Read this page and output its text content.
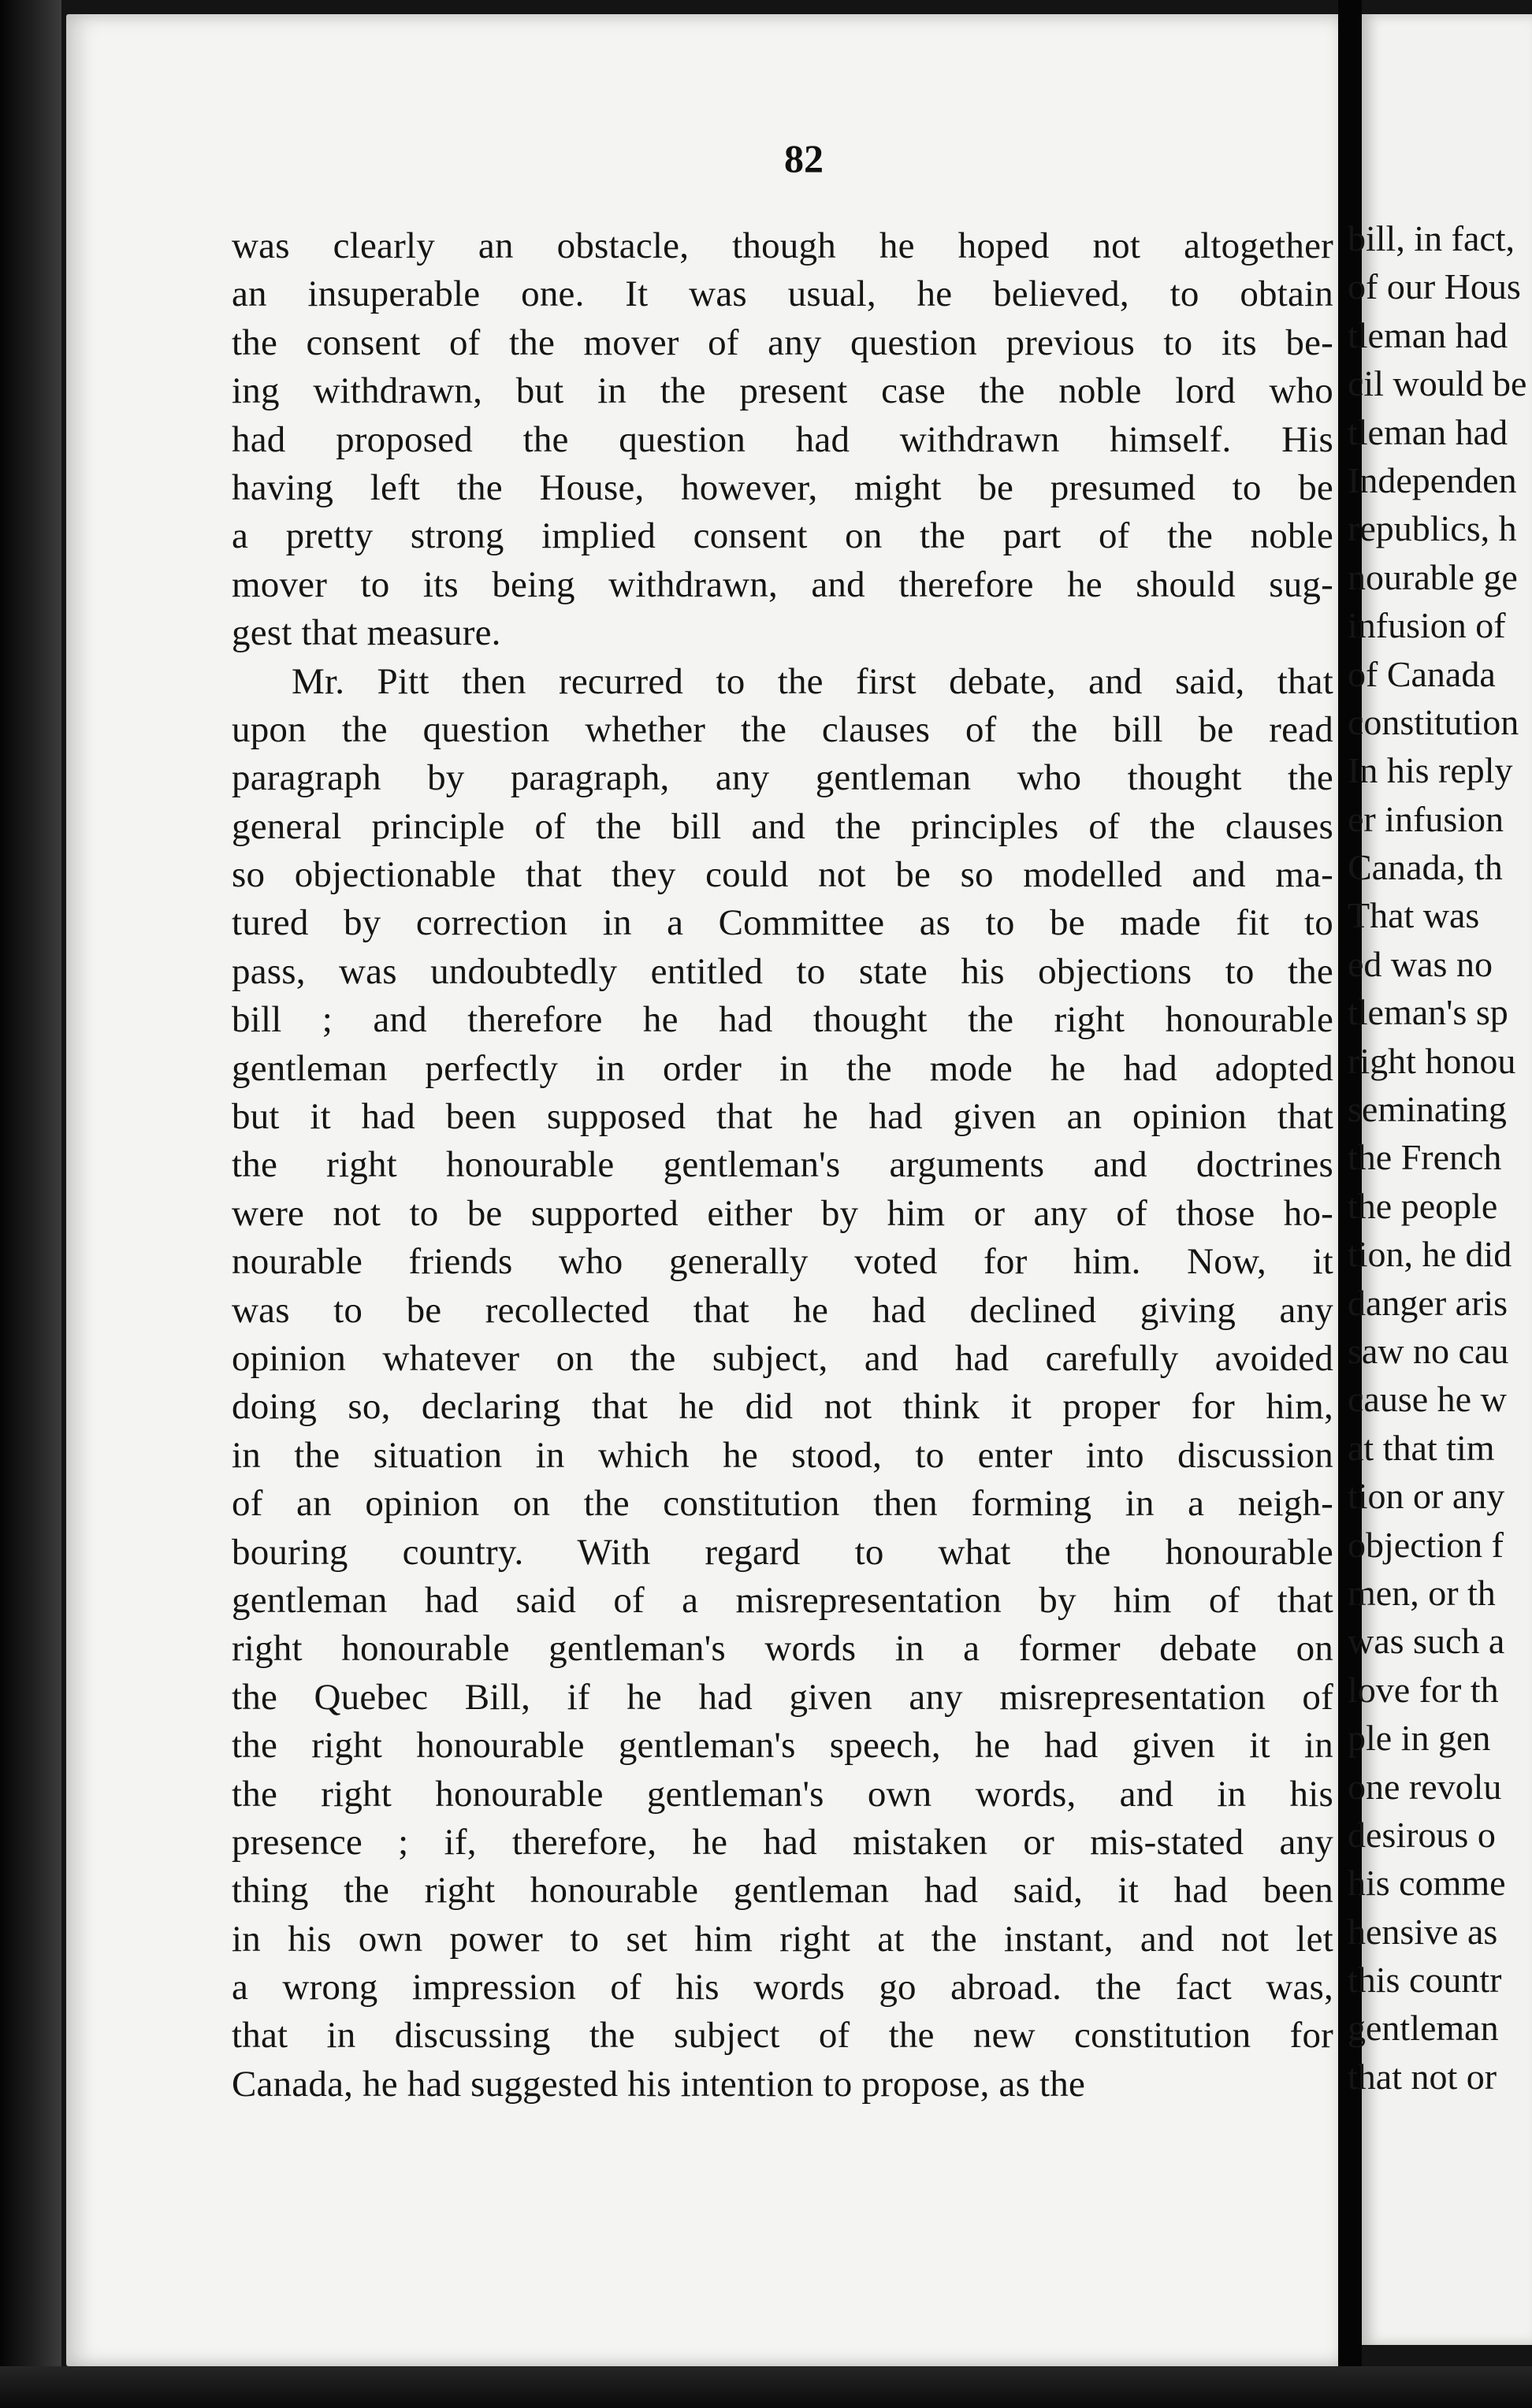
82
was clearly an obstacle, though he hoped not altogether
an insuperable one. It was usual, he believed, to obtain
the consent of the mover of any question previous to its be-
ing withdrawn, but in the present case the noble lord who
had proposed the question had withdrawn himself. His
having left the House, however, might be presumed to be
a pretty strong implied consent on the part of the noble
mover to its being withdrawn, and therefore he should sug-
gest that measure.
Mr. Pitt then recurred to the first debate, and said, that
upon the question whether the clauses of the bill be read
paragraph by paragraph, any gentleman who thought the
general principle of the bill and the principles of the clauses
so objectionable that they could not be so modelled and ma-
tured by correction in a Committee as to be made fit to
pass, was undoubtedly entitled to state his objections to the
bill ; and therefore he had thought the right honourable
gentleman perfectly in order in the mode he had adopted
but it had been supposed that he had given an opinion that
the right honourable gentleman's arguments and doctrines
were not to be supported either by him or any of those ho-
nourable friends who generally voted for him. Now, it
was to be recollected that he had declined giving any
opinion whatever on the subject, and had carefully avoided
doing so, declaring that he did not think it proper for him,
in the situation in which he stood, to enter into discussion
of an opinion on the constitution then forming in a neigh-
bouring country. With regard to what the honourable
gentleman had said of a misrepresentation by him of that
right honourable gentleman's words in a former debate on
the Quebec Bill, if he had given any misrepresentation of
the right honourable gentleman's speech, he had given it in
the right honourable gentleman's own words, and in his
presence ; if, therefore, he had mistaken or mis-stated any
thing the right honourable gentleman had said, it had been
in his own power to set him right at the instant, and not let
a wrong impression of his words go abroad. the fact was,
that in discussing the subject of the new constitution for
Canada, he had suggested his intention to propose, as the
bill, in fact,
of our Hous
tleman had
cil would be
tleman had
Independen
republics, h
nourable ge
infusion of
of Canada
constitution
In his reply
er infusion
Canada, th
That was
ed was no
tleman's sp
right honou
seminating
the French
the people
tion, he did
danger aris
saw no cau
cause he w
at that tim
tion or any
objection f
men, or th
was such a
love for th
ple in gen
one revolu
desirous o
his comme
hensive as
this countr
gentleman
that not or
